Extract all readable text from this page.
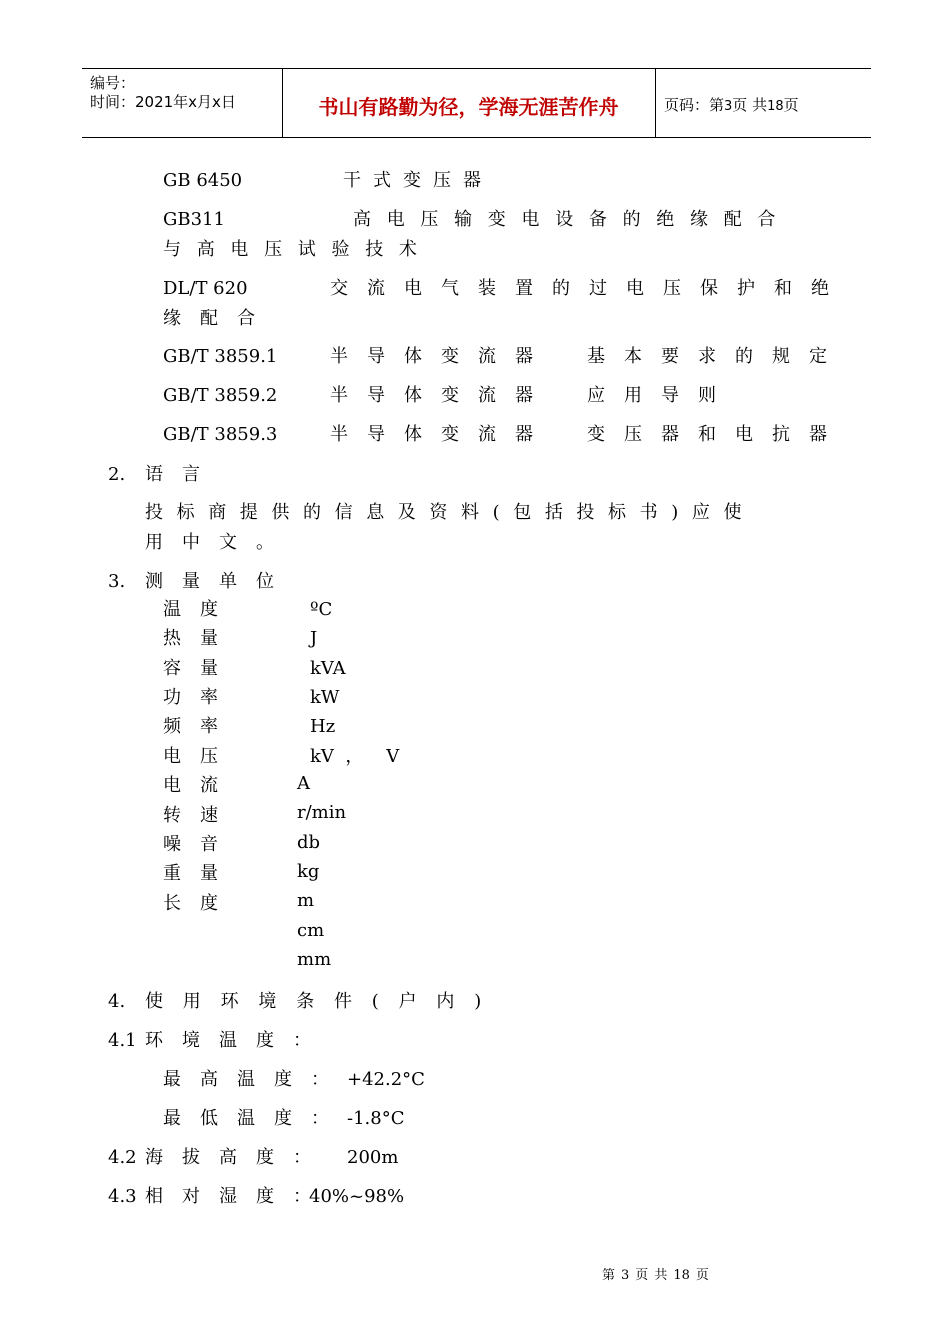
编号：
时间：2021年x月x日	书山有路勤为径，学海无涯苦作舟	页码：第3页 共18页
GB 6450	干式变压器
GB311	高电压输变电设备的绝缘配合
与高电压试验技术
DL/T 620	交流电气装置的过电压保护和绝
缘配合
GB/T 3859.1	半导体变流器 基本要求的规定
GB/T 3859.2	半导体变流器 应用导则
GB/T 3859.3	半导体变流器 变压器和电抗器
2. 语言
投标商提供的信息及资料(包括投标书)应使
用中文。
3. 测量单位
温度	ºC
热量	J
容量	kVA
功率	kW
频率	Hz
电压	kV  ，    V
电流	A
转速	r/min
噪音	db
重量	kg
长度	m
cm
mm
4. 使用环境条件(户内)
4.1 环境温度：
最高温度： +42.2°C
最低温度： -1.8°C
4.2 海拔高度： 200m
4.3 相对湿度：
40%~98%
第 3 页 共 18 页
